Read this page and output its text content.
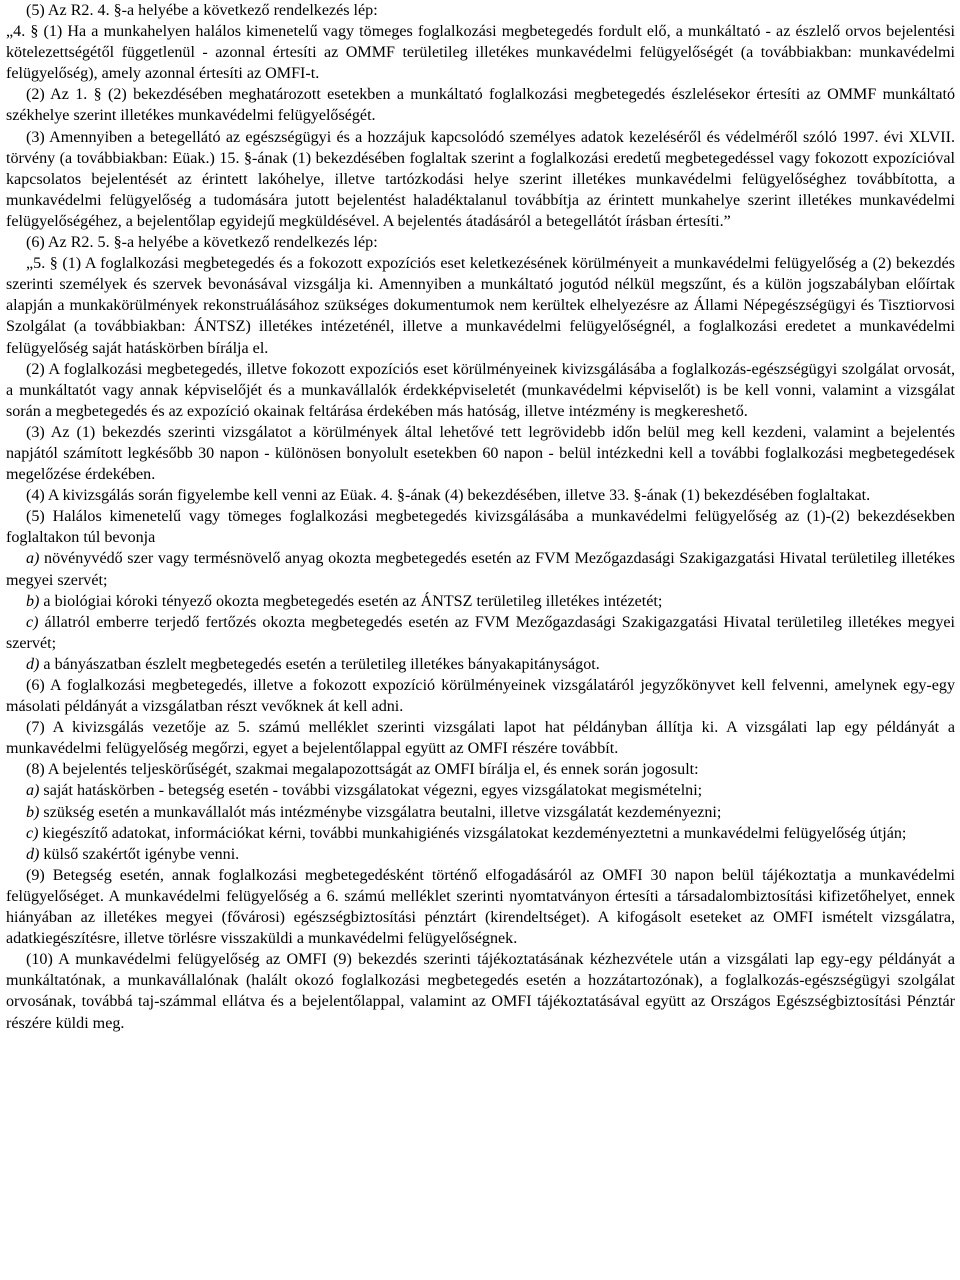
(5) Az R2. 4. §-a helyébe a következő rendelkezés lép:

„4. § (1) Ha a munkahelyen halálos kimenetelű vagy tömeges foglalkozási megbetegedés fordult elő, a munkáltató - az észlelő orvos bejelentési kötelezettségétől függetlenül - azonnal értesíti az OMMF területileg illetékes munkavédelmi felügyelőségét (a továbbiakban: munkavédelmi felügyelőség), amely azonnal értesíti az OMFI-t.

(2) Az 1. § (2) bekezdésében meghatározott esetekben a munkáltató foglalkozási megbetegedés észlelésekor értesíti az OMMF munkáltató székhelye szerint illetékes munkavédelmi felügyelőségét.

(3) Amennyiben a betegellátó az egészségügyi és a hozzájuk kapcsolódó személyes adatok kezeléséről és védelméről szóló 1997. évi XLVII. törvény (a továbbiakban: Eüak.) 15. §-ának (1) bekezdésében foglaltak szerint a foglalkozási eredetű megbetegedéssel vagy fokozott expozícióval kapcsolatos bejelentését az érintett lakóhelye, illetve tartózkodási helye szerint illetékes munkavédelmi felügyelőséghez továbbította, a munkavédelmi felügyelőség a tudomására jutott bejelentést haladéktalanul továbbítja az érintett munkahelye szerint illetékes munkavédelmi felügyelőségéhez, a bejelentőlap egyidejű megküldésével. A bejelentés átadásáról a betegellátót írásban értesíti.”

(6) Az R2. 5. §-a helyébe a következő rendelkezés lép:

„5. § (1) A foglalkozási megbetegedés és a fokozott expozíciós eset keletkezésének körülményeit a munkavédelmi felügyelőség a (2) bekezdés szerinti személyek és szervek bevonásával vizsgálja ki. Amennyiben a munkáltató jogutód nélkül megszűnt, és a külön jogszabályban előírtak alapján a munkakörülmények rekonstruálásához szükséges dokumentumok nem kerültek elhelyezésre az Állami Népegészségügyi és Tisztiorvosi Szolgálat (a továbbiakban: ÁNTSZ) illetékes intézeténél, illetve a munkavédelmi felügyelőségnél, a foglalkozási eredetet a munkavédelmi felügyelőség saját hatáskörben bírálja el.

(2) A foglalkozási megbetegedés, illetve fokozott expozíciós eset körülményeinek kivizsgálásába a foglalkozás-egészségügyi szolgálat orvosát, a munkáltatót vagy annak képviselőjét és a munkavállalók érdekképviseletét (munkavédelmi képviselőt) is be kell vonni, valamint a vizsgálat során a megbetegedés és az expozíció okainak feltárása érdekében más hatóság, illetve intézmény is megkereshető.

(3) Az (1) bekezdés szerinti vizsgálatot a körülmények által lehetővé tett legrövidebb időn belül meg kell kezdeni, valamint a bejelentés napjától számított legkésőbb 30 napon - különösen bonyolult esetekben 60 napon - belül intézkedni kell a további foglalkozási megbetegedések megelőzése érdekében.

(4) A kivizsgálás során figyelembe kell venni az Eüak. 4. §-ának (4) bekezdésében, illetve 33. §-ának (1) bekezdésében foglaltakat.

(5) Halálos kimenetelű vagy tömeges foglalkozási megbetegedés kivizsgálásába a munkavédelmi felügyelőség az (1)-(2) bekezdésekben foglaltakon túl bevonja

a) növényvédő szer vagy termésnövelő anyag okozta megbetegedés esetén az FVM Mezőgazdasági Szakigazgatási Hivatal területileg illetékes megyei szervét;

b) a biológiai kóroki tényező okozta megbetegedés esetén az ÁNTSZ területileg illetékes intézetét;

c) állatról emberre terjedő fertőzés okozta megbetegedés esetén az FVM Mezőgazdasági Szakigazgatási Hivatal területileg illetékes megyei szervét;

d) a bányászatban észlelt megbetegedés esetén a területileg illetékes bányakapitányságot.

(6) A foglalkozási megbetegedés, illetve a fokozott expozíció körülményeinek vizsgálatáról jegyzőkönyvet kell felvenni, amelynek egy-egy másolati példányát a vizsgálatban részt vevőknek át kell adni.

(7) A kivizsgálás vezetője az 5. számú melléklet szerinti vizsgálati lapot hat példányban állítja ki. A vizsgálati lap egy példányát a munkavédelmi felügyelőség megőrzi, egyet a bejelentőlappal együtt az OMFI részére továbbít.

(8) A bejelentés teljeskörűségét, szakmai megalapozottságát az OMFI bírálja el, és ennek során jogosult:

a) saját hatáskörben - betegség esetén - további vizsgálatokat végezni, egyes vizsgálatokat megismételni;

b) szükség esetén a munkavállalót más intézménybe vizsgálatra beutalni, illetve vizsgálatát kezdeményezni;

c) kiegészítő adatokat, információkat kérni, további munkahigiénés vizsgálatokat kezdeményeztetni a munkavédelmi felügyelőség útján;

d) külső szakértőt igénybe venni.

(9) Betegség esetén, annak foglalkozási megbetegedésként történő elfogadásáról az OMFI 30 napon belül tájékoztatja a munkavédelmi felügyelőséget. A munkavédelmi felügyelőség a 6. számú melléklet szerinti nyomtatványon értesíti a társadalombiztosítási kifizetőhelyet, ennek hiányában az illetékes megyei (fővárosi) egészségbiztosítási pénztárt (kirendeltséget). A kifogásolt eseteket az OMFI ismételt vizsgálatra, adatkiegészítésre, illetve törlésre visszaküldi a munkavédelmi felügyelőségnek.

(10) A munkavédelmi felügyelőség az OMFI (9) bekezdés szerinti tájékoztatásának kézhezvétele után a vizsgálati lap egy-egy példányát a munkáltatónak, a munkavállalónak (halált okozó foglalkozási megbetegedés esetén a hozzátartozónak), a foglalkozás-egészségügyi szolgálat orvosának, továbbá taj-számmal ellátva és a bejelentőlappal, valamint az OMFI tájékoztatásával együtt az Országos Egészségbiztosítási Pénztár részére küldi meg.
